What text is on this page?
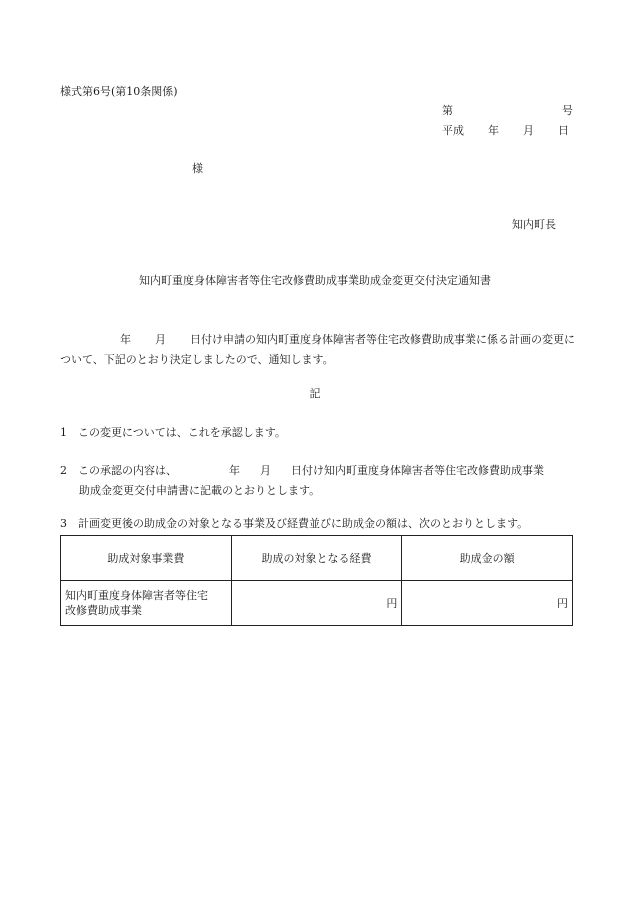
様式第6号(第10条関係)
第	号
平成 年 月 日
様
知内町長
知内町重度身体障害者等住宅改修費助成事業助成金変更交付決定通知書
年 月 日付け申請の知内町重度身体障害者等住宅改修費助成事業に係る計画の変更について、下記のとおり決定しましたので、通知します。
記
1　この変更については、これを承認します。
2　この承認の内容は、	年 月 日付け知内町重度身体障害者等住宅改修費助成事業
助成金変更交付申請書に記載のとおりとします。
3　計画変更後の助成金の対象となる事業及び経費並びに助成金の額は、次のとおりとします。
助成対象事業費	助成の対象となる経費	助成金の額
知内町重度身体障害者等住宅
改修費助成事業	円	円
